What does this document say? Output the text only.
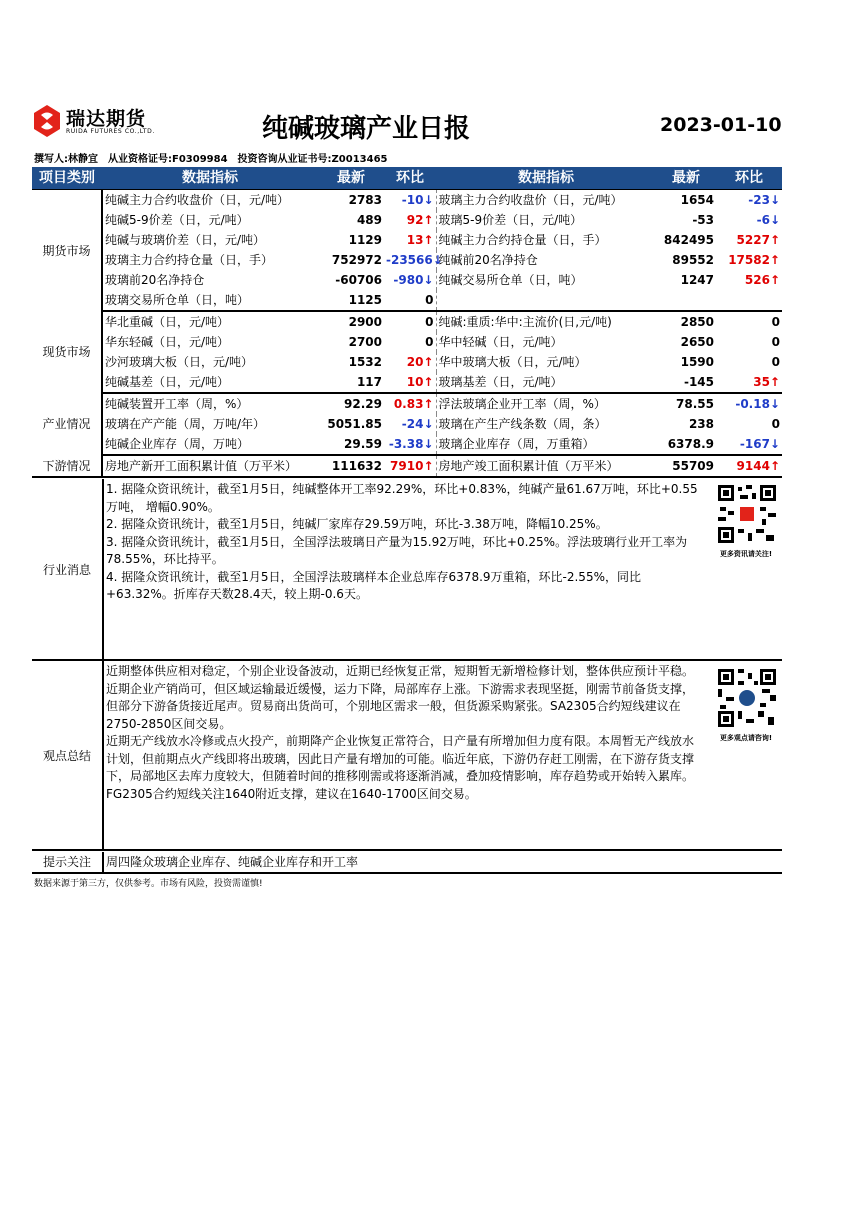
瑞达期货
RUIDA FUTURES CO.,LTD.	纯碱玻璃产业日报	2023-01-10
撰写人:林静宜　从业资格证号:F0309984　投资咨询从业证书号:Z0013465
项目类别	数据指标	最新	环比	数据指标	最新	环比
期货市场	纯碱主力合约收盘价（日，元/吨）	2783	-10↓	玻璃主力合约收盘价（日，元/吨）	1654	-23↓
	纯碱5-9价差（日，元/吨）	489	92↑	玻璃5-9价差（日，元/吨）	-53	-6↓
	纯碱与玻璃价差（日，元/吨）	1129	13↑	纯碱主力合约持仓量（日，手）	842495	5227↑
	玻璃主力合约持仓量（日，手）	752972	-23566↓	纯碱前20名净持仓	89552	17582↑
	玻璃前20名净持仓	-60706	-980↓	纯碱交易所仓单（日，吨）	1247	526↑
	玻璃交易所仓单（日，吨）	1125	0			
现货市场	华北重碱（日，元/吨）	2900	0	纯碱:重质:华中:主流价(日,元/吨)	2850	0
	华东轻碱（日，元/吨）	2700	0	华中轻碱（日，元/吨）	2650	0
	沙河玻璃大板（日，元/吨）	1532	20↑	华中玻璃大板（日，元/吨）	1590	0
	纯碱基差（日，元/吨）	117	10↑	玻璃基差（日，元/吨）	-145	35↑
产业情况	纯碱装置开工率（周，%）	92.29	0.83↑	浮法玻璃企业开工率（周，%）	78.55	-0.18↓
	玻璃在产产能（周，万吨/年）	5051.85	-24↓	玻璃在产生产线条数（周，条）	238	0
	纯碱企业库存（周，万吨）	29.59	-3.38↓	玻璃企业库存（周，万重箱）	6378.9	-167↓
下游情况	房地产新开工面积累计值（万平米）	111632	7910↑	房地产竣工面积累计值（万平米）	55709	9144↑
行业消息
1. 据隆众资讯统计，截至1月5日，纯碱整体开工率92.29%，环比+0.83%，纯碱产量61.67万吨，环比+0.55万吨， 增幅0.90%。
2. 据隆众资讯统计，截至1月5日，纯碱厂家库存29.59万吨，环比-3.38万吨，降幅10.25%。
3. 据隆众资讯统计，截至1月5日，全国浮法玻璃日产量为15.92万吨，环比+0.25%。浮法玻璃行业开工率为78.55%，环比持平。
4. 据隆众资讯统计，截至1月5日，全国浮法玻璃样本企业总库存6378.9万重箱，环比-2.55%，同比+63.32%。折库存天数28.4天，较上期-0.6天。
更多资讯请关注!
观点总结
近期整体供应相对稳定，个别企业设备波动，近期已经恢复正常，短期暂无新增检修计划，整体供应预计平稳。近期企业产销尚可，但区域运输最近缓慢，运力下降，局部库存上涨。下游需求表现坚挺，刚需节前备货支撑，但部分下游备货接近尾声。贸易商出货尚可，个别地区需求一般，但货源采购紧张。SA2305合约短线建议在2750-2850区间交易。
近期无产线放水冷修或点火投产，前期降产企业恢复正常符合，日产量有所增加但力度有限。本周暂无产线放水计划，但前期点火产线即将出玻璃，因此日产量有增加的可能。临近年底，下游仍存赶工刚需，在下游存货支撑下，局部地区去库力度较大，但随着时间的推移刚需或将逐渐消减，叠加疫情影响，库存趋势或开始转入累库。FG2305合约短线关注1640附近支撑，建议在1640-1700区间交易。
更多观点请咨询!
提示关注	周四隆众玻璃企业库存、纯碱企业库存和开工率
数据来源于第三方，仅供参考。市场有风险，投资需谨慎!
